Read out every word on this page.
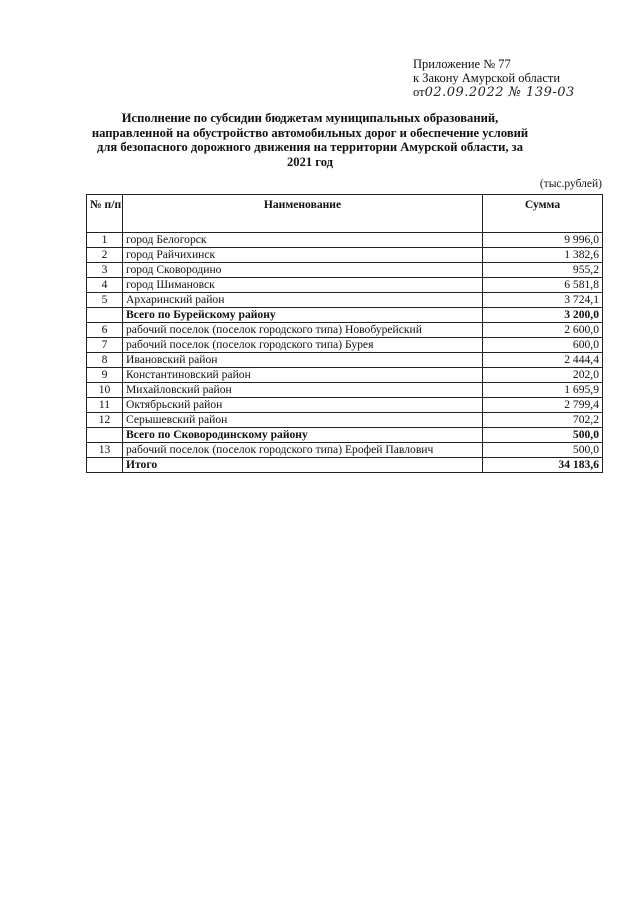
Приложение № 77
к Закону Амурской области
от02.09.2022 № 139-03
Исполнение по субсидии бюджетам муниципальных образований, направленной на обустройство автомобильных дорог и обеспечение условий для безопасного дорожного движения на территории Амурской области, за 2021 год
(тыс.рублей)
№ п/п	Наименование	Сумма
1	город Белогорск	9 996,0
2	город Райчихинск	1 382,6
3	город Сковородино	955,2
4	город Шимановск	6 581,8
5	Архаринский район	3 724,1
	Всего по Бурейскому району	3 200,0
6	рабочий поселок (поселок городского типа) Новобурейский	2 600,0
7	рабочий поселок (поселок городского типа) Бурея	600,0
8	Ивановский район	2 444,4
9	Константиновский район	202,0
10	Михайловский район	1 695,9
11	Октябрьский район	2 799,4
12	Серышевский район	702,2
	Всего по Сковородинскому району	500,0
13	рабочий поселок (поселок городского типа) Ерофей Павлович	500,0
	Итого	34 183,6
